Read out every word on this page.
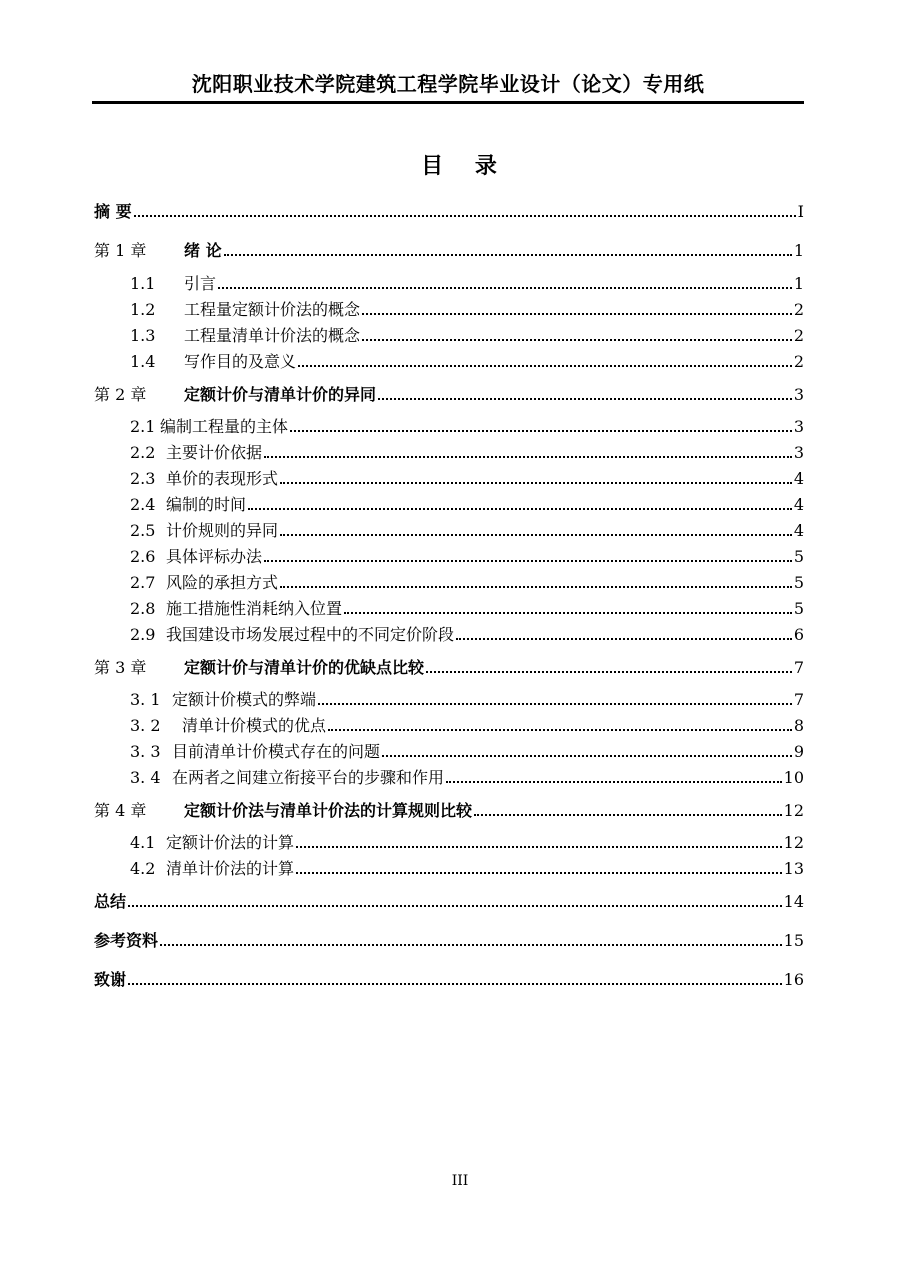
沈阳职业技术学院建筑工程学院毕业设计（论文）专用纸
目 录
摘 要	I
第 1 章	绪 论	1
1.1	引言	1
1.2	工程量定额计价法的概念	2
1.3	工程量清单计价法的概念	2
1.4	写作目的及意义	2
第 2 章	定额计价与清单计价的异同	3
2.1 编制工程量的主体	3
2.2 主要计价依据	3
2.3 单价的表现形式	4
2.4 编制的时间	4
2.5 计价规则的异同	4
2.6 具体评标办法	5
2.7 风险的承担方式	5
2.8 施工措施性消耗纳入位置	5
2.9 我国建设市场发展过程中的不同定价阶段	6
第 3 章	定额计价与清单计价的优缺点比较	7
3. 1 定额计价模式的弊端	7
3. 2	清单计价模式的优点	8
3. 3 目前清单计价模式存在的问题	9
3. 4 在两者之间建立衔接平台的步骤和作用	10
第 4 章	定额计价法与清单计价法的计算规则比较	12
4.1 定额计价法的计算	12
4.2 清单计价法的计算	13
总结	14
参考资料	15
致谢	16
III
